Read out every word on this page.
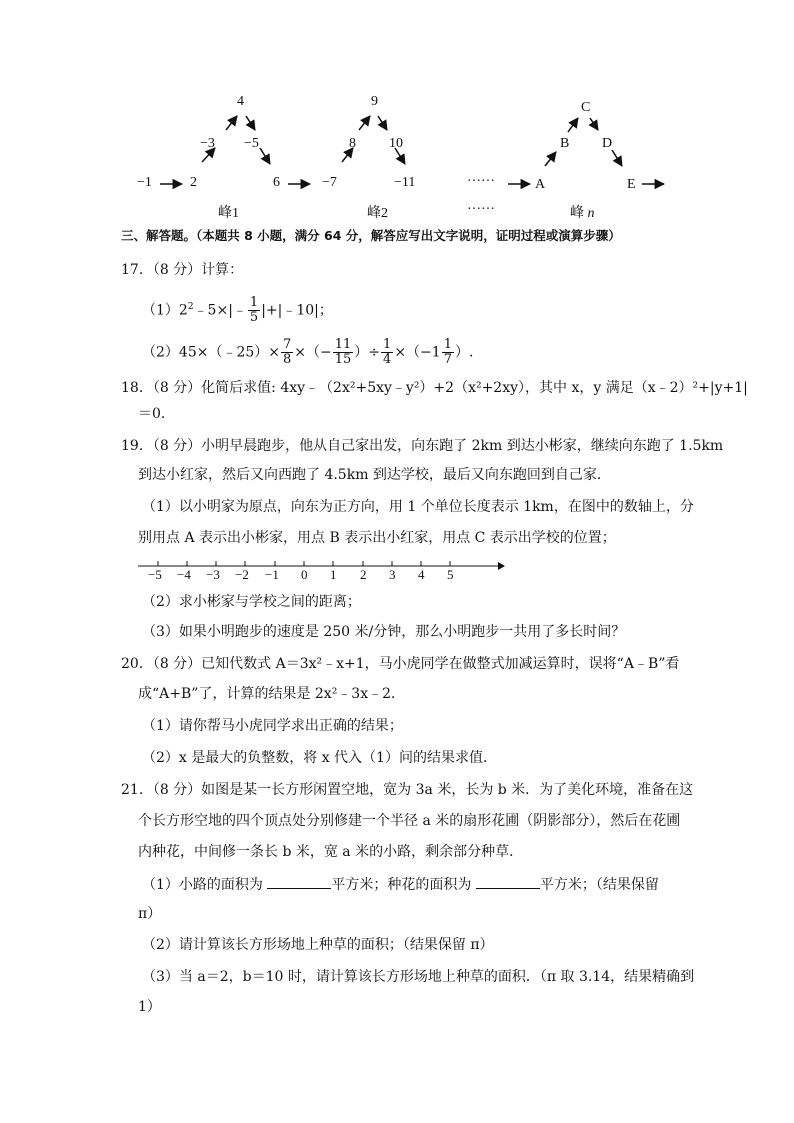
−1	2
−3
4
−5
6
峰1
−7
8
9
10
−11
峰2
……
……
A
B
C
D
E
峰 n
三、解答题。（本题共 8 小题，满分 64 分，解答应写出文字说明，证明过程或演算步骤）
17．（8 分）计算：
$(1)2^2﹣5\times|﹣ \frac{1}{5}$ |+|﹣10|；
（2）45×（﹣25）× $\frac{7}{8}$ ×（− $\frac{11}{15}$ ）÷ $\frac{1}{4} \times(-1 \frac{1}{7}$ ）.
18．（8 分）化简后求值: 4xy﹣（2x²+5xy﹣y²）+2（x²+2xy），其中 x，y 满足（x﹣2）²+|y+1|
＝0．
19．（8 分）小明早晨跑步，他从自己家出发，向东跑了 2km 到达小彬家，继续向东跑了 1.5km
到达小红家，然后又向西跑了 4.5km 到达学校，最后又向东跑回到自己家．
（1）以小明家为原点，向东为正方向，用 1 个单位长度表示 1km，在图中的数轴上，分
别用点 A 表示出小彬家，用点 B 表示出小红家，用点 C 表示出学校的位置；
−5 −4 −3 −2 −1 0 1 2 3 4 5
（2）求小彬家与学校之间的距离；
（3）如果小明跑步的速度是 250 米/分钟，那么小明跑步一共用了多长时间？
20．（8 分）已知代数式 A＝3x²﹣x+1，马小虎同学在做整式加减运算时，误将“A﹣B”看
成“A+B”了，计算的结果是 2x²﹣3x﹣2．
（1）请你帮马小虎同学求出正确的结果；
（2）x 是最大的负整数，将 x 代入（1）问的结果求值．
21．（8 分）如图是某一长方形闲置空地，宽为 3a 米，长为 b 米．为了美化环境，准备在这
个长方形空地的四个顶点处分别修建一个半径 a 米的扇形花圃（阴影部分），然后在花圃
内种花，中间修一条长 b 米，宽 a 米的小路，剩余部分种草．
（1）小路的面积为	平方米；种花的面积为	平方米；（结果保留
π）
（2）请计算该长方形场地上种草的面积；（结果保留 π）
（3）当 a＝2，b＝10 时，请计算该长方形场地上种草的面积．（π 取 3.14，结果精确到
1）
